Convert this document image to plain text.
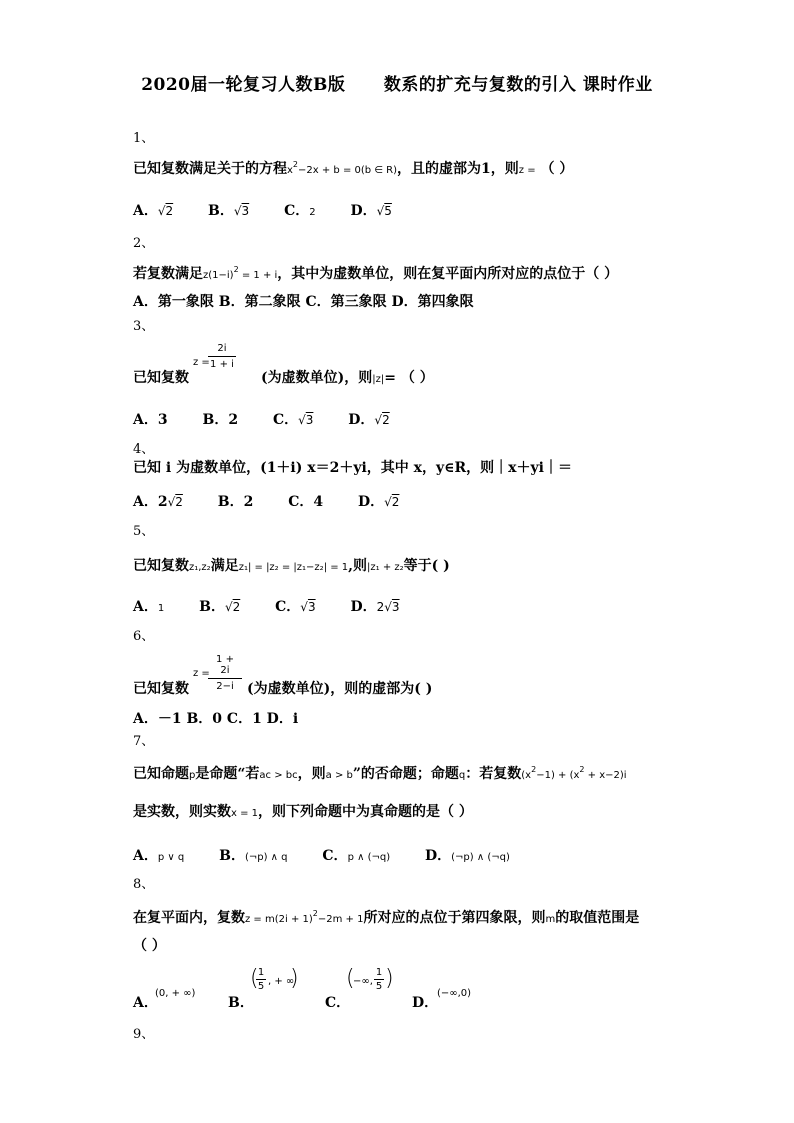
2020届一轮复习人数B版      数系的扩充与复数的引入 课时作业
1、
已知复数满足关于的方程$x^2-2x + b = 0(b$ ∈ R)，且的虚部为1，则z = （ ）
A．√2 B．√3 C．2 D．√5
2、
若复数满足$z(1-i)^2 = 1 + i$，其中为虚数单位，则在复平面内所对应的点位于（ ）
A．第一象限 B．第二象限 C．第三象限 D．第四象限
3、
z =
$\frac{2i}{1 + i}$
已知复数	(为虚数单位)，则|z|= （ ）
A．3 B．2 C．√3 D．√2
4、
已知 i 为虚数单位，(1＋i) x＝2＋yi，其中 x，y∈R，则｜x＋yi｜＝
A．2√2 B．2 C．4 D．√2
5、
已知复数z₁,z₂满足z₁| = |z₂ = |z₁−z₂| = 1,则|z₁ + z₂等于( )
A．1 B．√2 C．√3 D．2√3
6、
z =
$\frac{1 + 2i}{2-i}$
已知复数	(为虚数单位)，则的虚部为( )
A．－1 B．0 C．1 D．i
7、
已知命题p是命题“若ac > bc，则a > b”的否命题；命题q：若复数$(x^2-1) + (x^2 + x-2)i$
是实数，则实数x = 1，则下列命题中为真命题的是（ ）
A．p ∨ q B．(¬p) ∧ q C．p ∧ (¬q) D．(¬p) ∧ (¬q)
8、
在复平面内，复数$z = m(2i + 1)^2-2m + 1$所对应的点位于第四象限，则m的取值范围是
（ ）
A．
(0, + ∞)
B．
(
$\frac{1}{5}$ , + ∞
)
C．
(
−∞, $\frac{1}{5}$ )
D．
(−∞,0)
9、
